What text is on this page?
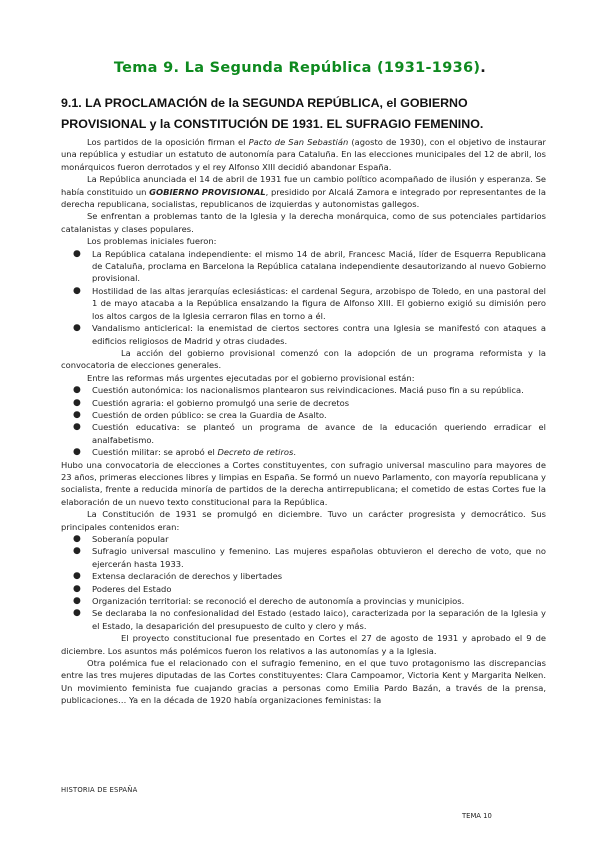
Tema 9. La Segunda República (1931-1936).
9.1. LA PROCLAMACIÓN de la SEGUNDA REPÚBLICA, el GOBIERNO PROVISIONAL y la CONSTITUCIÓN DE 1931. EL SUFRAGIO FEMENINO.

Los partidos de la oposición firman el Pacto de San Sebastián (agosto de 1930), con el objetivo de instaurar una república y estudiar un estatuto de autonomía para Cataluña. En las elecciones municipales del 12 de abril, los monárquicos fueron derrotados y el rey Alfonso XIII decidió abandonar España.

La República anunciada el 14 de abril de 1931 fue un cambio político acompañado de ilusión y esperanza. Se había constituido un GOBIERNO PROVISIONAL, presidido por Alcalá Zamora e integrado por representantes de la derecha republicana, socialistas, republicanos de izquierdas y autonomistas gallegos.

Se enfrentan a problemas tanto de la Iglesia y la derecha monárquica, como de sus potenciales partidarios catalanistas y clases populares.

Los problemas iniciales fueron:

● La República catalana independiente: el mismo 14 de abril, Francesc Maciá, líder de Esquerra Republicana de Cataluña, proclama en Barcelona la República catalana independiente desautorizando al nuevo Gobierno provisional.
● Hostilidad de las altas jerarquías eclesiásticas: el cardenal Segura, arzobispo de Toledo, en una pastoral del 1 de mayo atacaba a la República ensalzando la figura de Alfonso XIII. El gobierno exigió su dimisión pero los altos cargos de la Iglesia cerraron filas en torno a él.
● Vandalismo anticlerical: la enemistad de ciertos sectores contra una Iglesia se manifestó con ataques a edificios religiosos de Madrid y otras ciudades.

La acción del gobierno provisional comenzó con la adopción de un programa reformista y la convocatoria de elecciones generales.

Entre las reformas más urgentes ejecutadas por el gobierno provisional están:

● Cuestión autonómica: los nacionalismos plantearon sus reivindicaciones. Maciá puso fin a su república.
● Cuestión agraria: el gobierno promulgó una serie de decretos
● Cuestión de orden público: se crea la Guardia de Asalto.
● Cuestión educativa: se planteó un programa de avance de la educación queriendo erradicar el analfabetismo.
● Cuestión militar: se aprobó el Decreto de retiros.

Hubo una convocatoria de elecciones a Cortes constituyentes, con sufragio universal masculino para mayores de 23 años, primeras elecciones libres y limpias en España. Se formó un nuevo Parlamento, con mayoría republicana y socialista, frente a reducida minoría de partidos de la derecha antirrepublicana; el cometido de estas Cortes fue la elaboración de un nuevo texto constitucional para la República.

La Constitución de 1931 se promulgó en diciembre. Tuvo un carácter progresista y democrático. Sus principales contenidos eran:

● Soberanía popular
● Sufragio universal masculino y femenino. Las mujeres españolas obtuvieron el derecho de voto, que no ejercerán hasta 1933.
● Extensa declaración de derechos y libertades
● Poderes del Estado
● Organización territorial: se reconoció el derecho de autonomía a provincias y municipios.
● Se declaraba la no confesionalidad del Estado (estado laico), caracterizada por la separación de la Iglesia y el Estado, la desaparición del presupuesto de culto y clero y más.

El proyecto constitucional fue presentado en Cortes el 27 de agosto de 1931 y aprobado el 9 de diciembre. Los asuntos más polémicos fueron los relativos a las autonomías y a la Iglesia.

Otra polémica fue el relacionado con el sufragio femenino, en el que tuvo protagonismo las discrepancias entre las tres mujeres diputadas de las Cortes constituyentes: Clara Campoamor, Victoria Kent y Margarita Nelken. Un movimiento feminista fue cuajando gracias a personas como Emilia Pardo Bazán, a través de la prensa, publicaciones… Ya en la década de 1920 había organizaciones feministas: la

HISTORIA DE ESPAÑA
TEMA 10
